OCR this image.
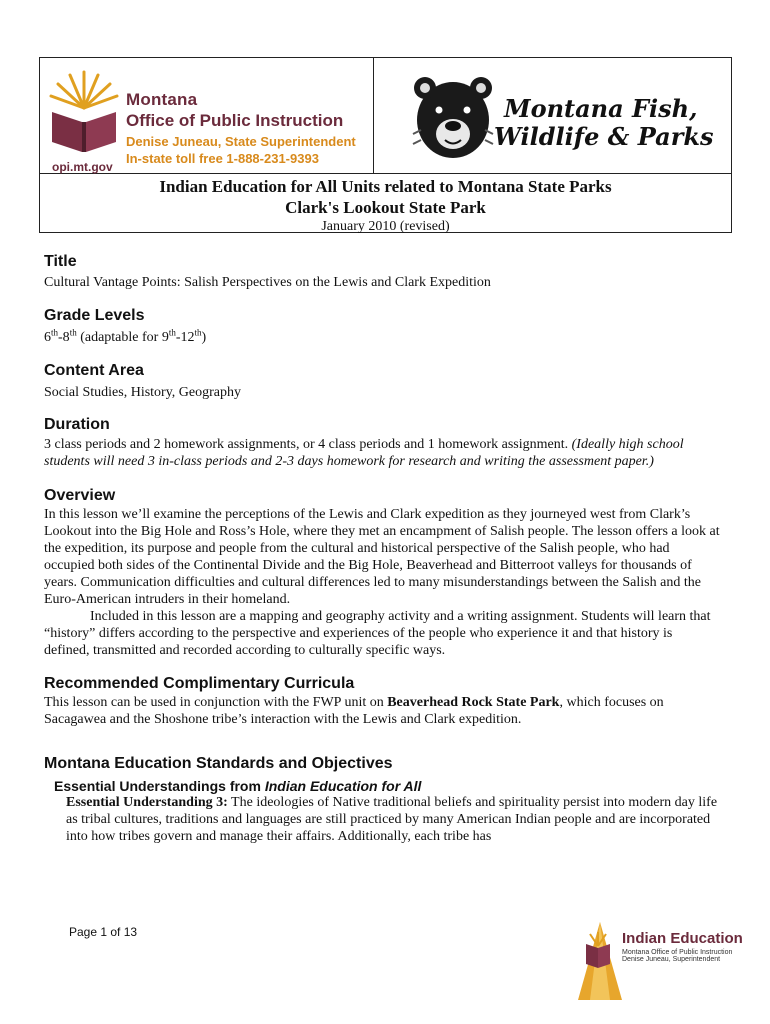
Montana
Office of Public Instruction
Denise Juneau, State Superintendent
In-state toll free 1-888-231-9393
opi.mt.gov
Montana Fish,
Wildlife & Parks
Indian Education for All Units related to Montana State Parks
Clark's Lookout State Park
January 2010 (revised)
Title

Cultural Vantage Points: Salish Perspectives on the Lewis and Clark Expedition

Grade Levels

6th-8th (adaptable for 9th-12th)

Content Area

Social Studies, History, Geography

Duration

3 class periods and 2 homework assignments, or 4 class periods and 1 homework assignment. (Ideally high school students will need 3 in-class periods and 2-3 days homework for research and writing the assessment paper.)

Overview

In this lesson we’ll examine the perceptions of the Lewis and Clark expedition as they journeyed west from Clark’s Lookout into the Big Hole and Ross’s Hole, where they met an encampment of Salish people. The lesson offers a look at the expedition, its purpose and people from the cultural and historical perspective of the Salish people, who had occupied both sides of the Continental Divide and the Big Hole, Beaverhead and Bitterroot valleys for thousands of years. Communication difficulties and cultural differences led to many misunderstandings between the Salish and the Euro-American intruders in their homeland.

Included in this lesson are a mapping and geography activity and a writing assignment. Students will learn that “history” differs according to the perspective and experiences of the people who experience it and that history is defined, transmitted and recorded according to culturally specific ways.

Recommended Complimentary Curricula

This lesson can be used in conjunction with the FWP unit on Beaverhead Rock State Park, which focuses on Sacagawea and the Shoshone tribe’s interaction with the Lewis and Clark expedition.

Montana Education Standards and Objectives
Essential Understandings from Indian Education for All

Essential Understanding 3: The ideologies of Native traditional beliefs and spirituality persist into modern day life as tribal cultures, traditions and languages are still practiced by many American Indian people and are incorporated into how tribes govern and manage their affairs. Additionally, each tribe has

Page 1 of 13	Indian Education
Montana Office of Public Instruction
Denise Juneau, Superintendent
